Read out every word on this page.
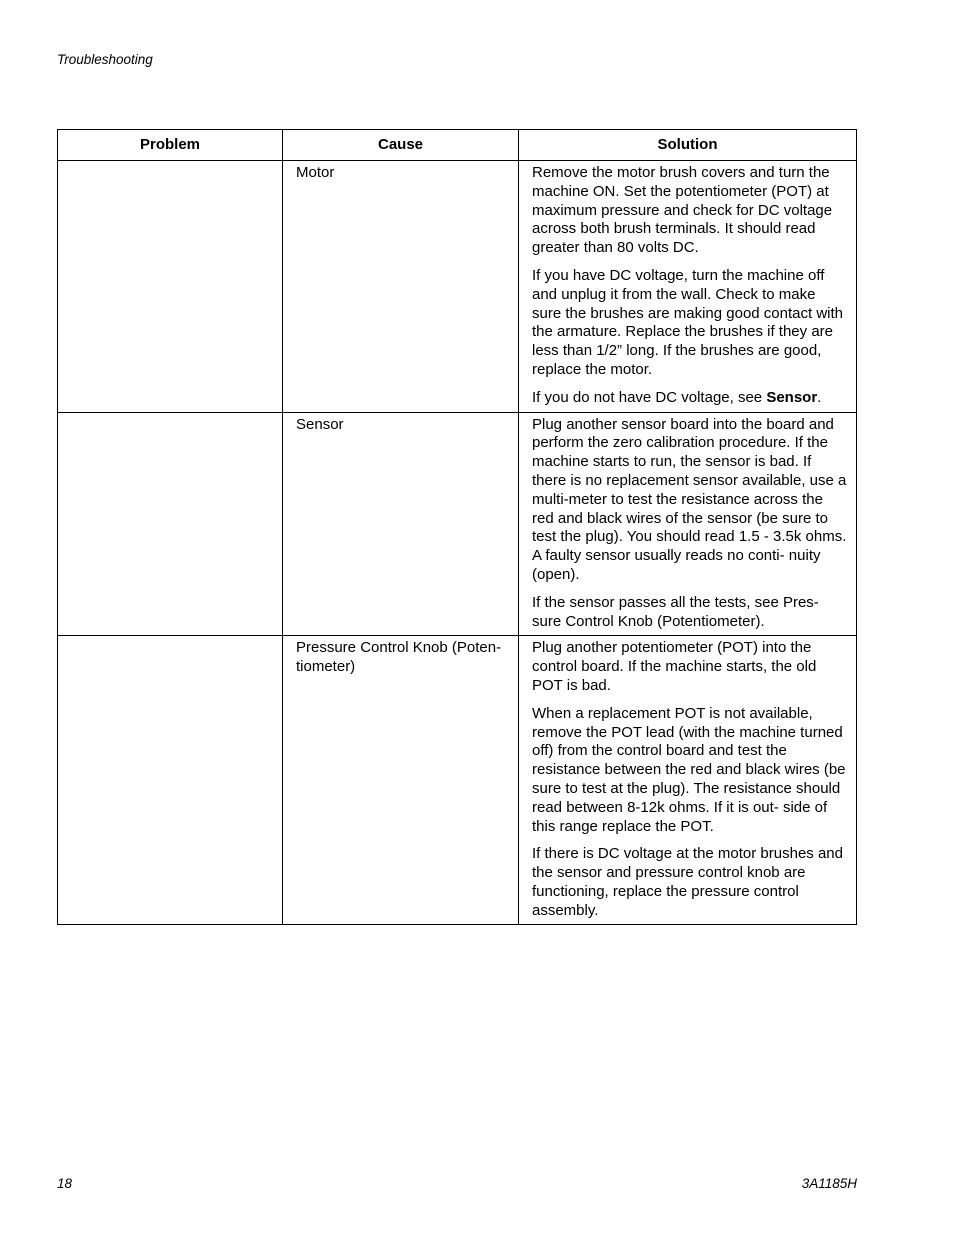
Troubleshooting
Problem	Cause	Solution
	Motor	Remove the motor brush covers and turn the machine ON. Set the potentiometer (POT) at maximum pressure and check for DC voltage across both brush terminals. It should read greater than 80 volts DC.

If you have DC voltage, turn the machine off and unplug it from the wall. Check to make sure the brushes are making good contact with the armature. Replace the brushes if they are less than 1/2” long. If the brushes are good, replace the motor.

If you do not have DC voltage, see Sensor.

	Sensor	Plug another sensor board into the board and perform the zero calibration procedure. If the machine starts to run, the sensor is bad. If there is no replacement sensor available, use a multi-meter to test the resistance across the red and black wires of the sensor (be sure to test the plug). You should read 1.5 - 3.5k ohms. A faulty sensor usually reads no conti- nuity (open).

If the sensor passes all the tests, see Pres- sure Control Knob (Potentiometer).

	Pressure Control Knob (Poten- tiometer)	Plug another potentiometer (POT) into the control board. If the machine starts, the old POT is bad.

When a replacement POT is not available, remove the POT lead (with the machine turned off) from the control board and test the resistance between the red and black wires (be sure to test at the plug). The resistance should read between 8-12k ohms. If it is out- side of this range replace the POT.

If there is DC voltage at the motor brushes and the sensor and pressure control knob are functioning, replace the pressure control assembly.

18	3A1185H
